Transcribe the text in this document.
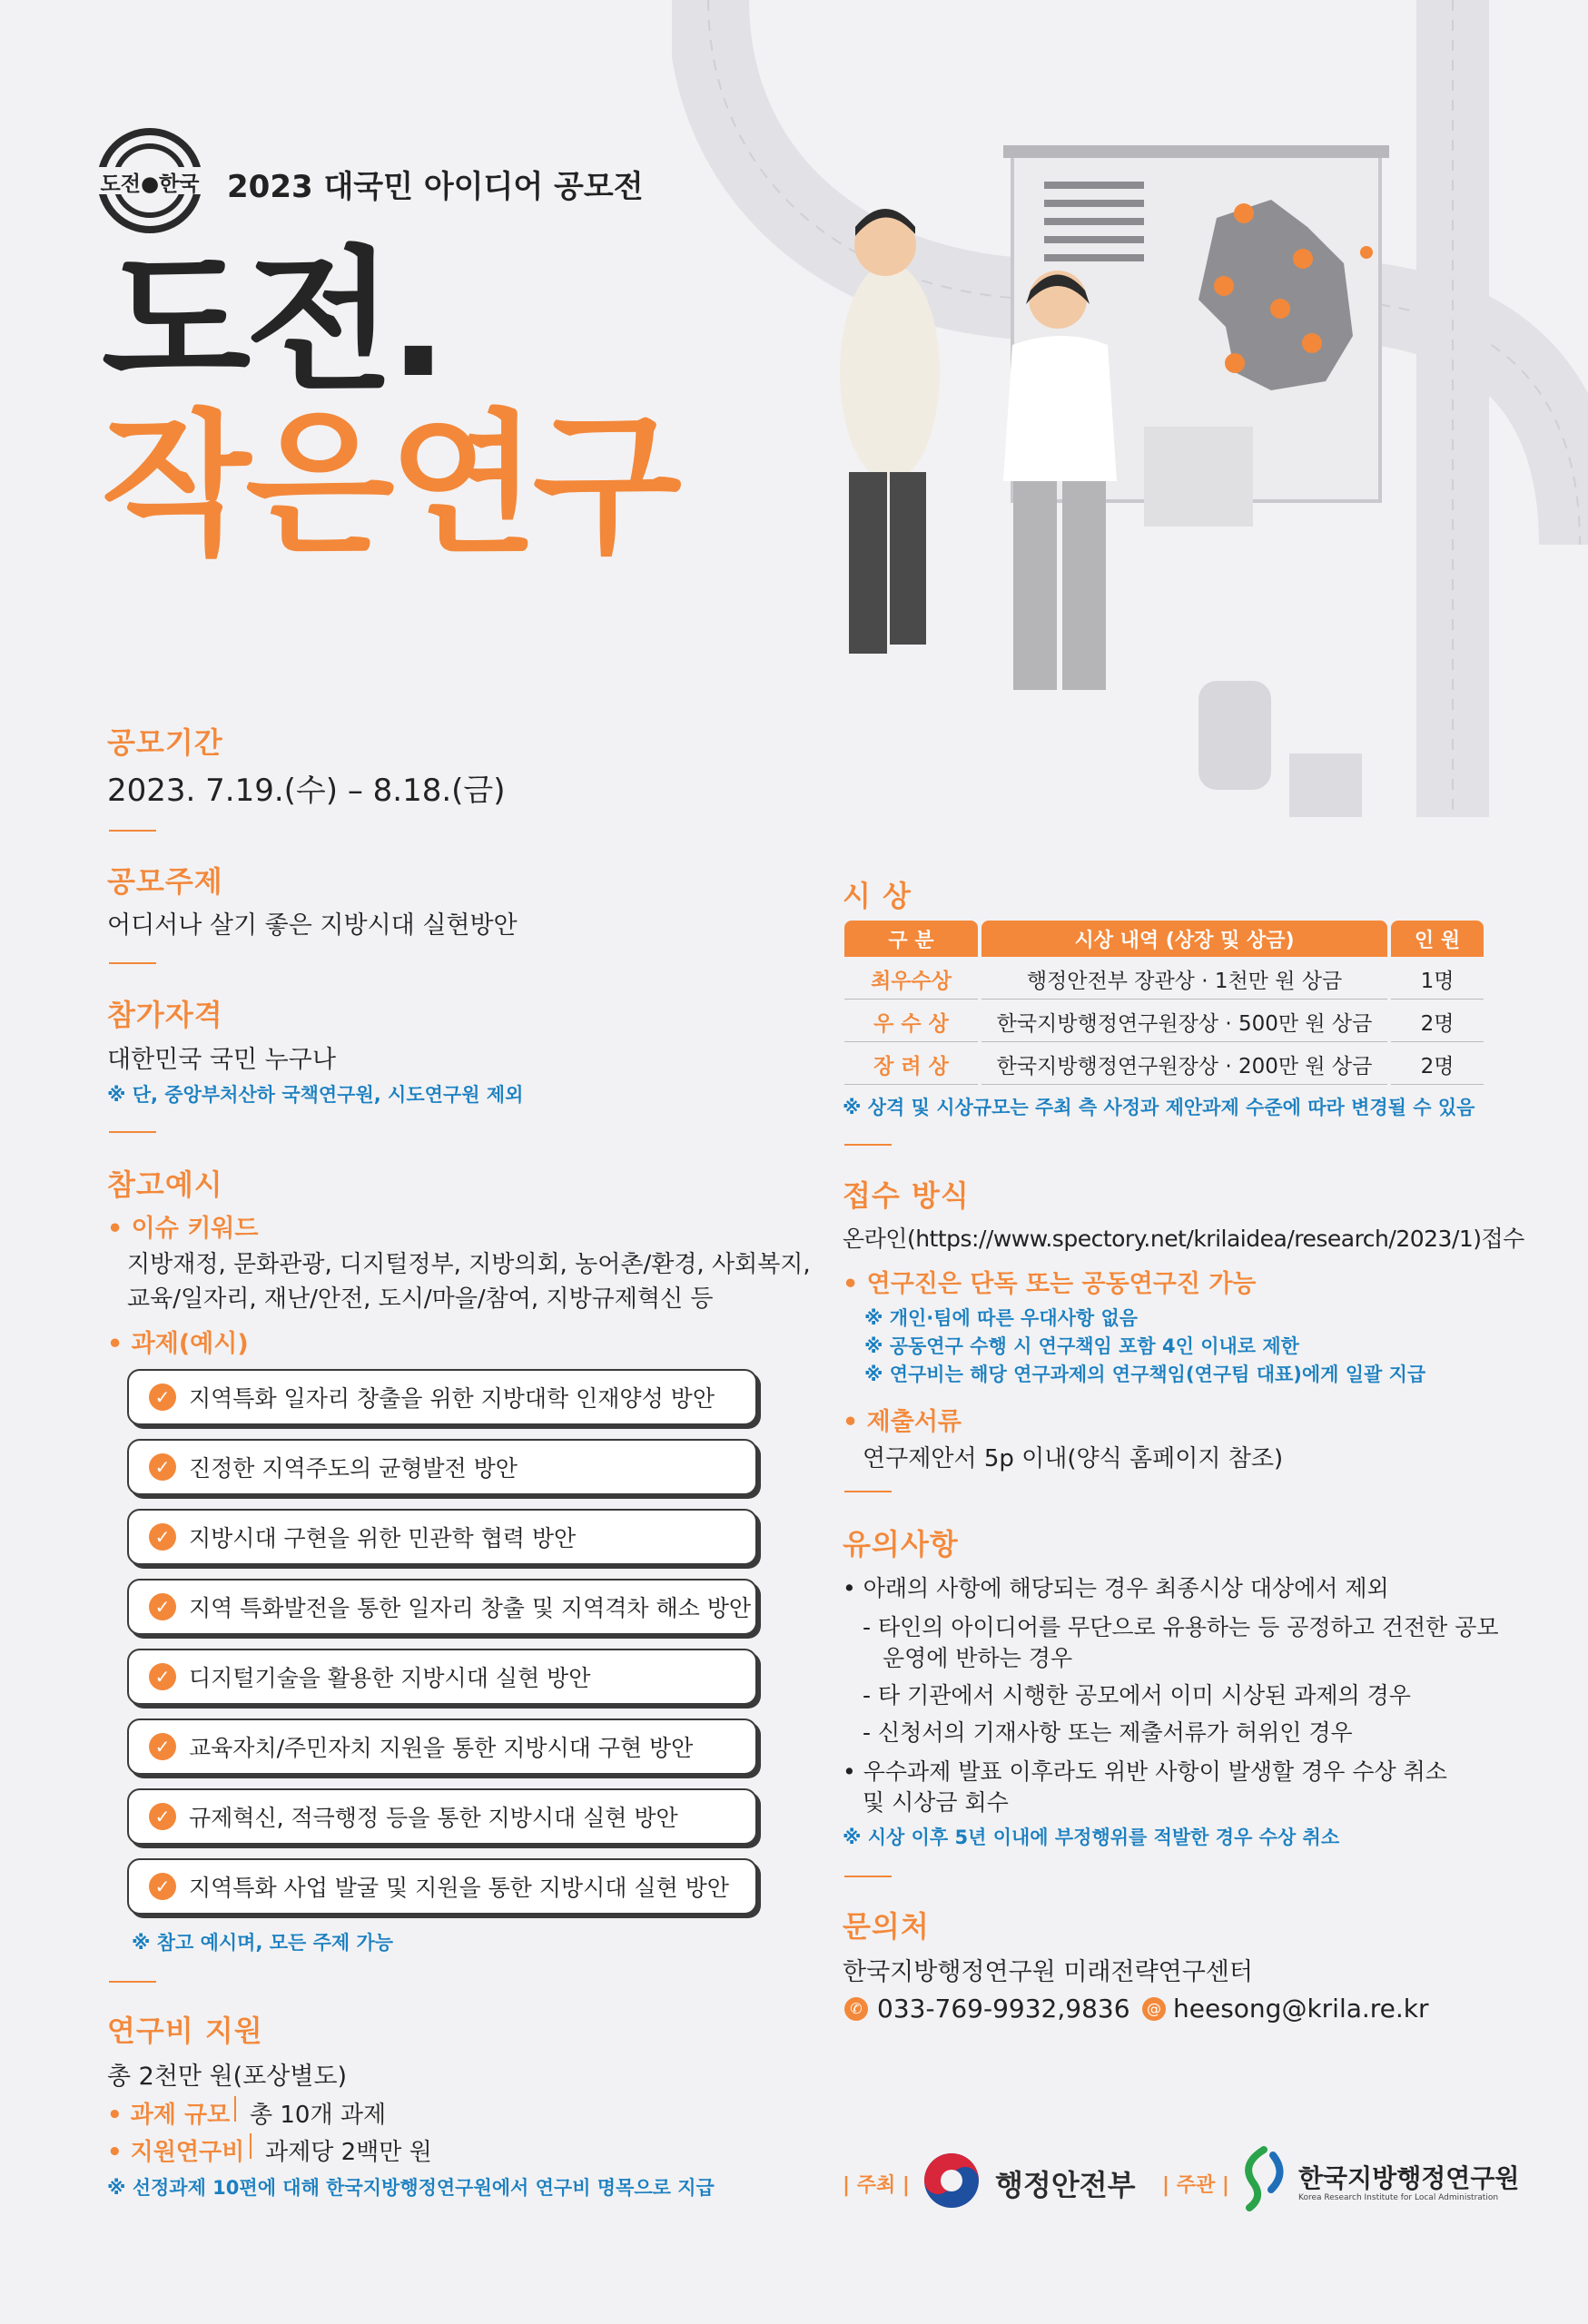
도전●한국 2023 대국민 아이디어 공모전
도전.
작은연구
공모기간
2023. 7.19.(수) – 8.18.(금)
공모주제
어디서나 살기 좋은 지방시대 실현방안
참가자격
대한민국 국민 누구나
※ 단, 중앙부처산하 국책연구원, 시도연구원 제외
참고예시
• 이슈 키워드
지방재정, 문화관광, 디지털정부, 지방의회, 농어촌/환경, 사회복지,
교육/일자리, 재난/안전, 도시/마을/참여, 지방규제혁신 등
• 과제(예시)
✓ 지역특화 일자리 창출을 위한 지방대학 인재양성 방안
✓ 진정한 지역주도의 균형발전 방안
✓ 지방시대 구현을 위한 민관학 협력 방안
✓ 지역 특화발전을 통한 일자리 창출 및 지역격차 해소 방안
✓ 디지털기술을 활용한 지방시대 실현 방안
✓ 교육자치/주민자치 지원을 통한 지방시대 구현 방안
✓ 규제혁신, 적극행정 등을 통한 지방시대 실현 방안
✓ 지역특화 사업 발굴 및 지원을 통한 지방시대 실현 방안
※ 참고 예시며, 모든 주제 가능
연구비 지원
총 2천만 원(포상별도)
• 과제 규모 총 10개 과제
• 지원연구비 과제당 2백만 원
※ 선정과제 10편에 대해 한국지방행정연구원에서 연구비 명목으로 지급
시 상
구 분	시상 내역 (상장 및 상금)	인 원
최우수상	행정안전부 장관상 · 1천만 원 상금	1명
우 수 상	한국지방행정연구원장상 · 500만 원 상금	2명
장 려 상	한국지방행정연구원장상 · 200만 원 상금	2명
※ 상격 및 시상규모는 주최 측 사정과 제안과제 수준에 따라 변경될 수 있음
접수 방식
온라인(https://www.spectory.net/krilaidea/research/2023/1)접수
• 연구진은 단독 또는 공동연구진 가능
※ 개인·팀에 따른 우대사항 없음
※ 공동연구 수행 시 연구책임 포함 4인 이내로 제한
※ 연구비는 해당 연구과제의 연구책임(연구팀 대표)에게 일괄 지급
• 제출서류
연구제안서 5p 이내(양식 홈페이지 참조)
유의사항
• 아래의 사항에 해당되는 경우 최종시상 대상에서 제외
- 타인의 아이디어를 무단으로 유용하는 등 공정하고 건전한 공모
운영에 반하는 경우
- 타 기관에서 시행한 공모에서 이미 시상된 과제의 경우
- 신청서의 기재사항 또는 제출서류가 허위인 경우
• 우수과제 발표 이후라도 위반 사항이 발생할 경우 수상 취소
및 시상금 회수
※ 시상 이후 5년 이내에 부정행위를 적발한 경우 수상 취소
문의처
한국지방행정연구원 미래전략연구센터
✆ 033-769-9932,9836	@ heesong@krila.re.kr
| 주최 |	행정안전부 | 주관 |	한국지방행정연구원
Korea Research Institute for Local Administration
